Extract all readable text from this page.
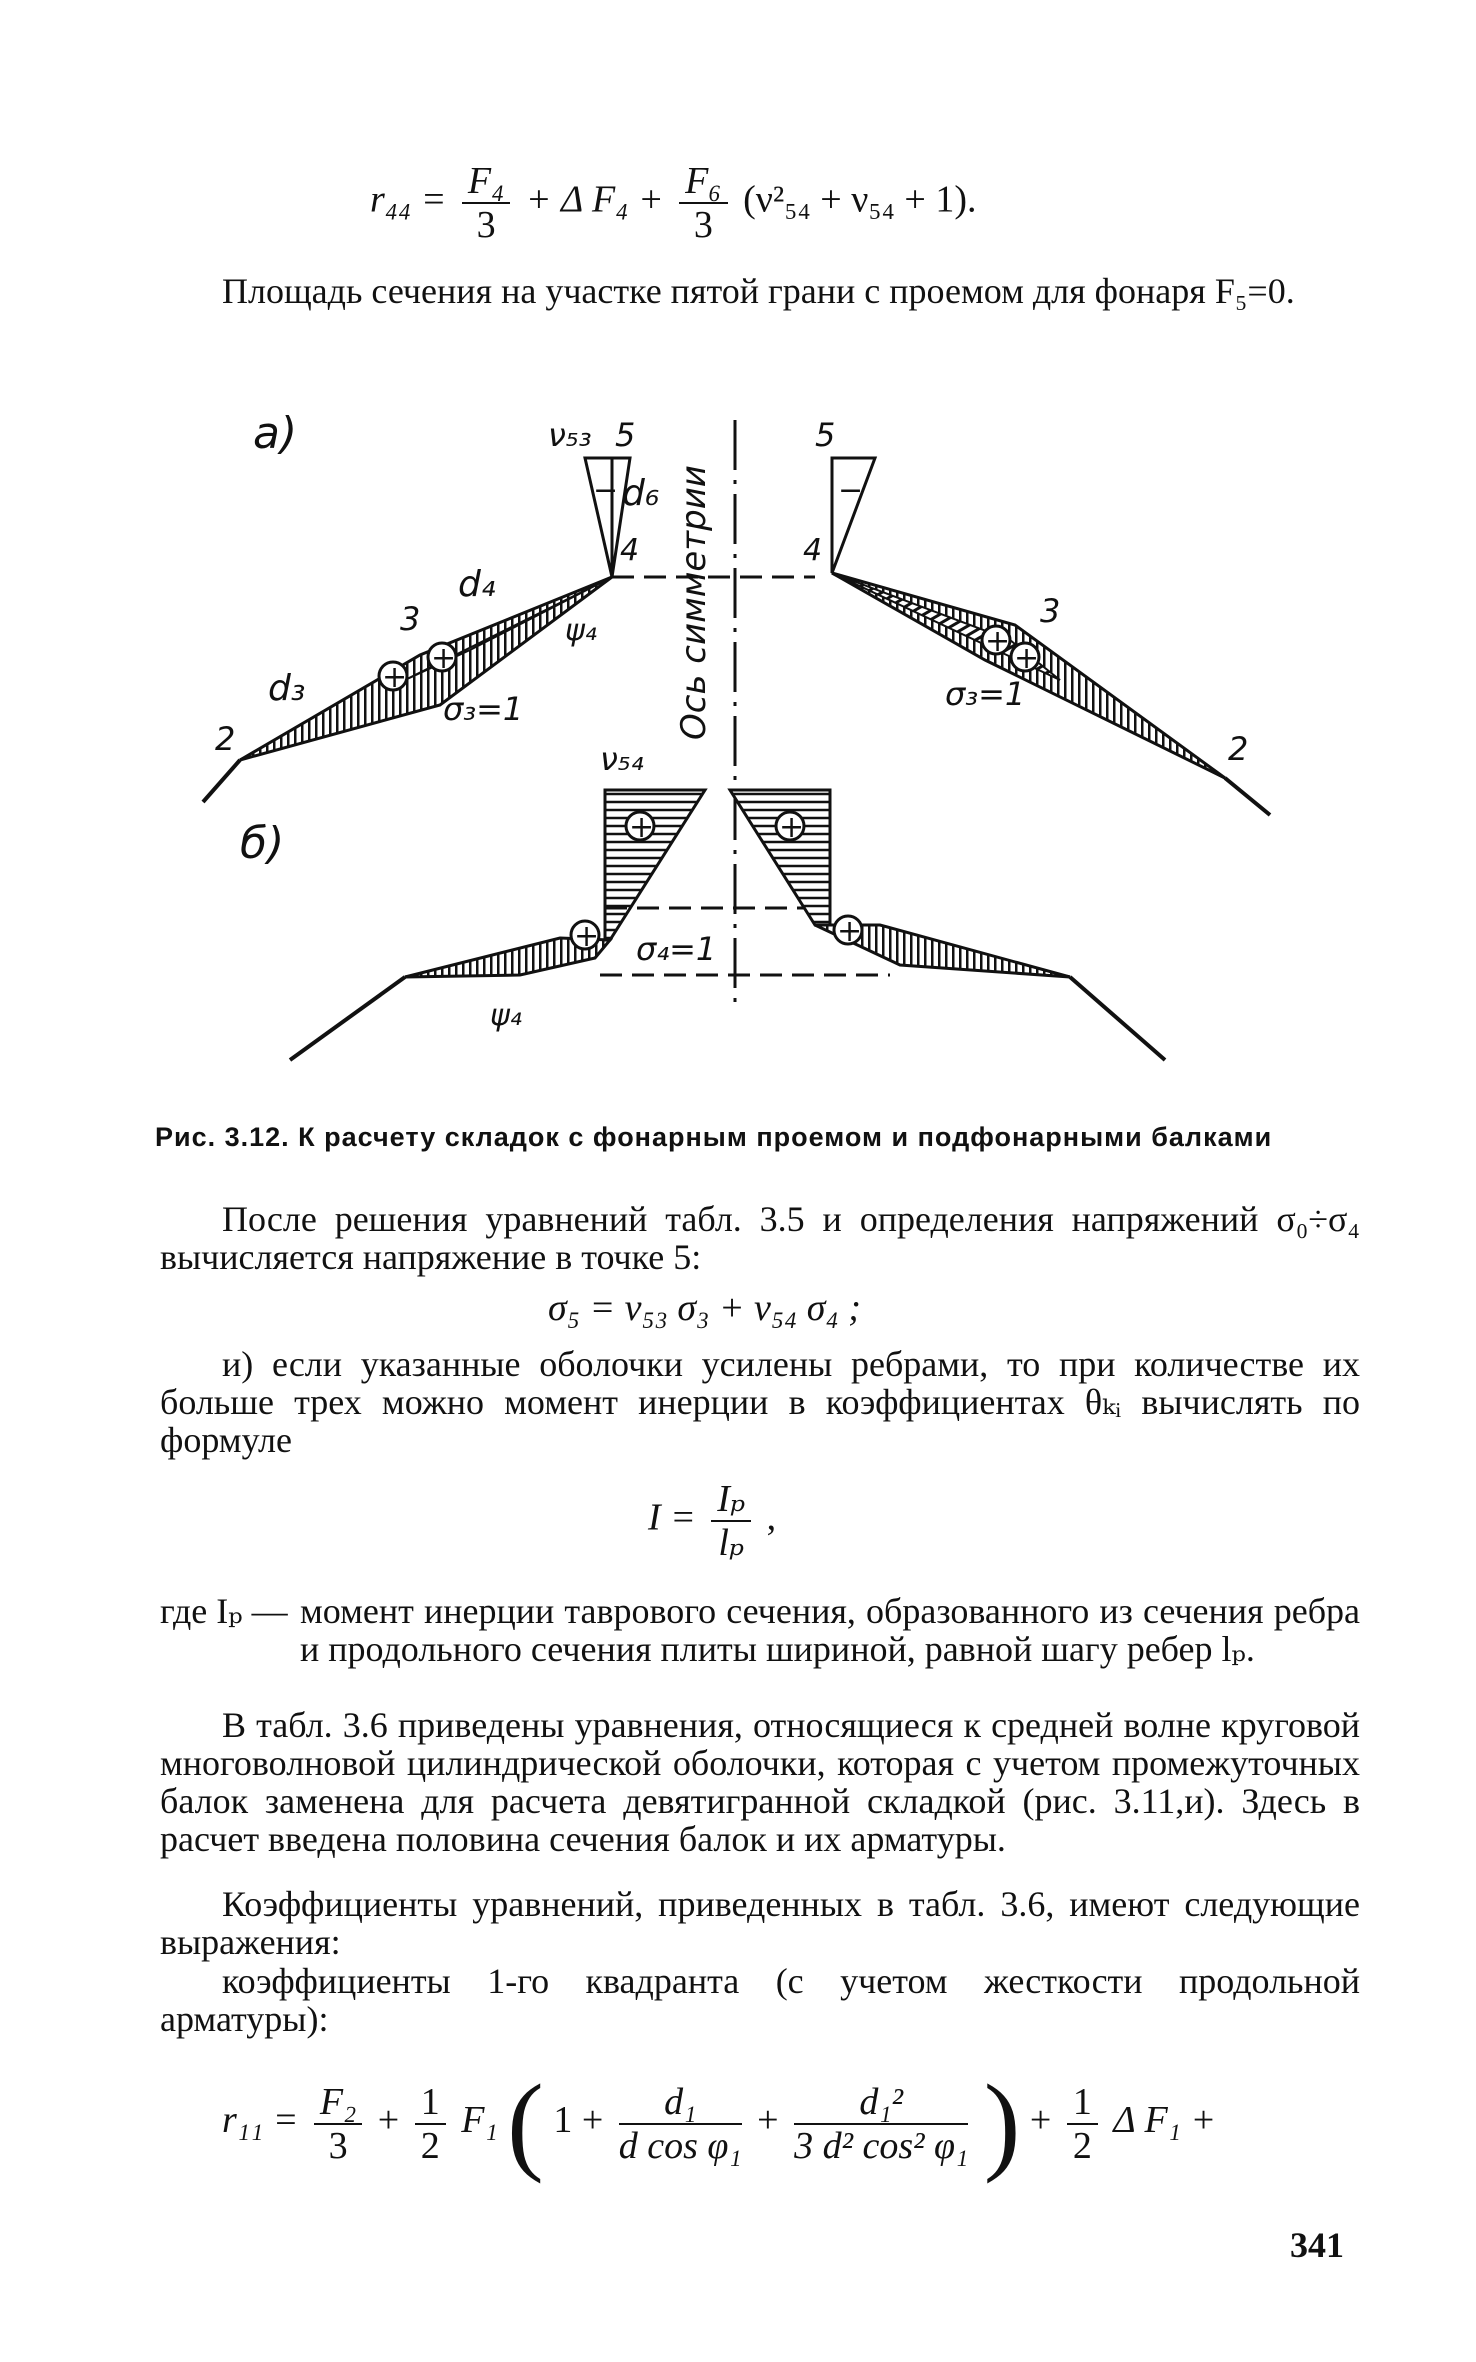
$r_{44} = \frac{\text{F₄}}{3} + \Delta$ $F_4 + \frac{\text{F₆}}{3} (\nu^2_{54} + \nu_{54} + 1)$.
Площадь сечения на участке пятой грани с проемом для фонаря F₅=0.
Ось симметрии
а)
+
+
−
ν₅₃ 5
d₆
4
d₄
3	ψ₄
d₃	σ₃=1
2
+ +
−
5
4
3
σ₃=1
2
б)
+
+
ν₅₄
σ₄=1
ψ₄
+
+
Рис. 3.12. К расчету складок с фонарным проемом и подфонарными балками
После решения уравнений табл. 3.5 и определения напряжений σ₀÷σ₄ вычисляется напряжение в точке 5:
σ₅ = ν₅₃ σ₃ + ν₅₄ σ₄ ;
и) если указанные оболочки усилены ребрами, то при количестве их больше трех можно момент инерции в коэффициентах θₖᵢ вычислять по формуле
$I = \frac{\text{Iₚ}}{\text{lₚ}}$ ,
где Iₚ — момент инерции таврового сечения, образованного из сечения ребра и продольного сечения плиты шириной, равной шагу ребер lₚ.
В табл. 3.6 приведены уравнения, относящиеся к средней волне круговой многоволновой цилиндрической оболочки, которая с учетом промежуточных балок заменена для расчета девятигранной складкой (рис. 3.11,и). Здесь в расчет введена половина сечения балок и их арматуры.
Коэффициенты уравнений, приведенных в табл. 3.6, имеют следующие выражения:
коэффициенты 1-го квадранта (с учетом жесткости продольной арматуры):
$r_{11} = \frac{\text{F₂}}{3} + \frac{1}{2} F_1$ ( $1 + \frac{\text{d₁}}{\text{d cos φ₁}} + \frac{\text{d₁²}}{\text{3 d² cos² φ₁}}$ ) + $\frac{1}{2}$ Δ F₁ +
341
